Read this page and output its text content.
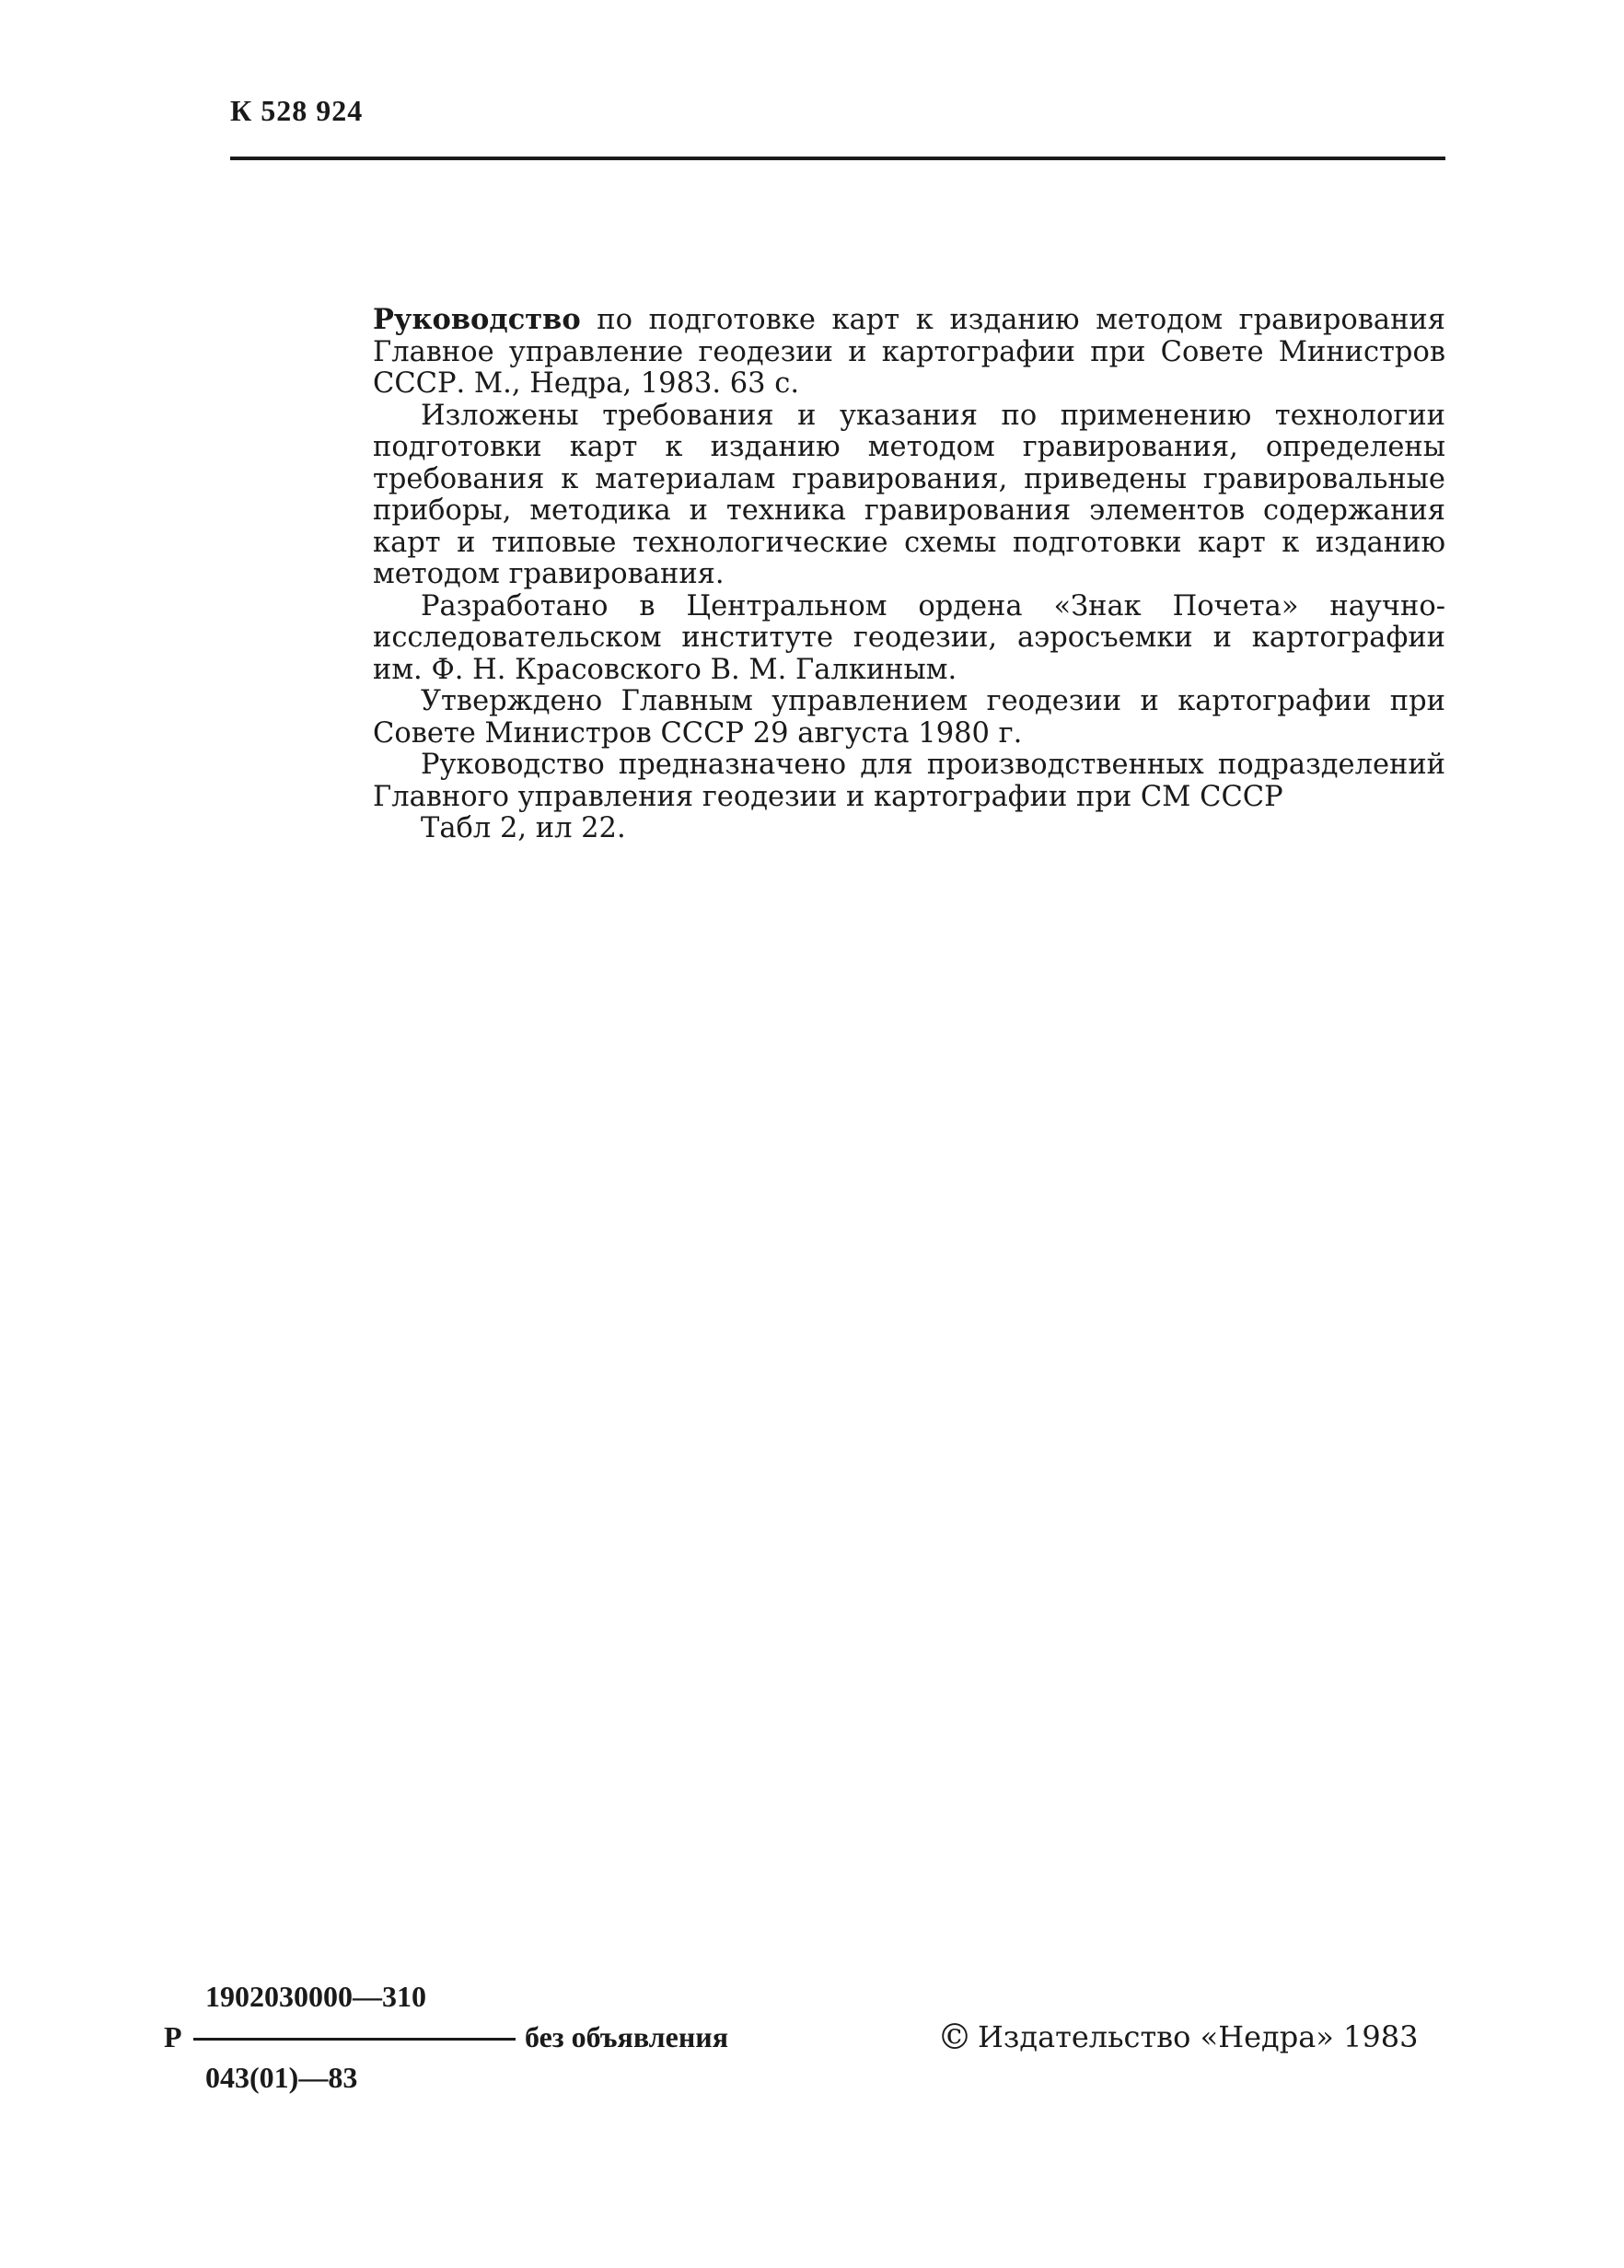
К 528 924

Руководство по подготовке карт к изданию методом гравирования Главное управление геодезии и картографии при Совете Министров СССР. М., Недра, 1983. 63 с.

Изложены требования и указания по применению технологии подготовки карт к изданию методом гравирования, определены требования к материалам гравирования, приведены гравировальные приборы, методика и техника гравирования элементов содержания карт и типовые технологические схемы подготовки карт к изданию методом гравирования.

Разработано в Центральном ордена «Знак Почета» научно-исследовательском институте геодезии, аэросъемки и картографии им. Ф. Н. Красовского В. М. Галкиным.

Утверждено Главным управлением геодезии и картографии при Совете Министров СССР 29 августа 1980 г.

Руководство предназначено для производственных подразделений Главного управления геодезии и картографии при СМ СССР

Табл 2, ил 22.

Р
1902030000—310
043(01)—83
без объявления	© Издательство «Недра» 1983
